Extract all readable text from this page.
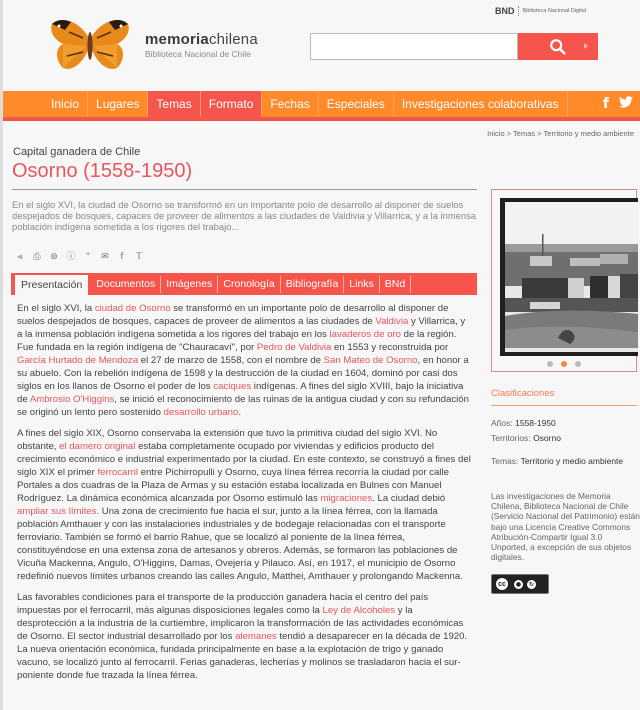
memoriachilena
Biblioteca Nacional de Chile
BND Biblioteca Nacional Digital
Inicio	Lugares	Temas	Formato	Fechas	Especiales	Investigaciones colaborativas	f
Inicio > Temas > Territorio y medio ambiente
Capital ganadera de Chile
Osorno (1558-1950)
En el siglo XVI, la ciudad de Osorno se transformó en un importante polo de desarrollo al disponer de suelos despejados de bosques, capaces de proveer de alimentos a las ciudades de Valdivia y Villarrica, y a la inmensa población indígena sometida a los rigores del trabajo...
⪡ ⎙ ⊛ ⓘ “ ✉	f	𝕋
Presentación	Documentos	Imágenes	Cronología	Bibliografía	Links	BNd

En el siglo XVI, la ciudad de Osorno se transformó en un importante polo de desarrollo al disponer de suelos despejados de bosques, capaces de proveer de alimentos a las ciudades de Valdivia y Villarrica, y a la inmensa población indígena sometida a los rigores del trabajo en los lavaderos de oro de la región. Fue fundada en la región indígena de "Chauracaví", por Pedro de Valdivia en 1553 y reconstruida por García Hurtado de Mendoza el 27 de marzo de 1558, con el nombre de San Mateo de Osorno, en honor a su abuelo. Con la rebelión indígena de 1598 y la destrucción de la ciudad en 1604, dominó por casi dos siglos en los llanos de Osorno el poder de los caciques indígenas. A fines del siglo XVIII, bajo la iniciativa de Ambrosio O'Higgins, se inició el reconocimiento de las ruinas de la antigua ciudad y con su refundación se originó un lento pero sostenido desarrollo urbano.

A fines del siglo XIX, Osorno conservaba la extensión que tuvo la primitiva ciudad del siglo XVI. No obstante, el damero original estaba completamente ocupado por viviendas y edificios producto del crecimiento económico e industrial experimentado por la ciudad. En este contexto, se construyó a fines del siglo XIX el primer ferrocarril entre Pichirropulli y Osorno, cuya línea férrea recorría la ciudad por calle Portales a dos cuadras de la Plaza de Armas y su estación estaba localizada en Bulnes con Manuel Rodríguez. La dinámica económica alcanzada por Osorno estimuló las migraciones. La ciudad debió ampliar sus límites. Una zona de crecimiento fue hacia el sur, junto a la línea férrea, con la llamada población Amthauer y con las instalaciones industriales y de bodegaje relacionadas con el transporte ferroviario. También se formó el barrio Rahue, que se localizó al poniente de la línea férrea, constituyéndose en una extensa zona de artesanos y obreros. Además, se formaron las poblaciones de Vicuña Mackenna, Angulo, O'Higgins, Damas, Ovejería y Pilauco. Así, en 1917, el municipio de Osorno redefinió nuevos límites urbanos creando las calles Angulo, Matthei, Amthauer y prolongando Mackenna.

Las favorables condiciones para el transporte de la producción ganadera hacia el centro del país impuestas por el ferrocarril, más algunas disposiciones legales como la Ley de Alcoholes y la desprotección a la industria de la curtiembre, implicaron la transformación de las actividades económicas de Osorno. El sector industrial desarrollado por los alemanes tendió a desaparecer en la década de 1920. La nueva orientación económica, fundada principalmente en base a la explotación de trigo y ganado vacuno, se localizó junto al ferrocarril. Ferias ganaderas, lecherías y molinos se trasladaron hacia el sur-poniente donde fue trazada la línea férrea.

Clasificaciones
Años: 1558-1950
Territorios: Osorno
Temas: Territorio y medio ambiente
Las investigaciones de Memoria Chilena, Biblioteca Nacional de Chile (Servicio Nacional del Patrimonio) están bajo una Licencia Creative Commons Atribución-Compartir Igual 3.0 Unported, a excepción de sus objetos digitales.
cc	●	↻
